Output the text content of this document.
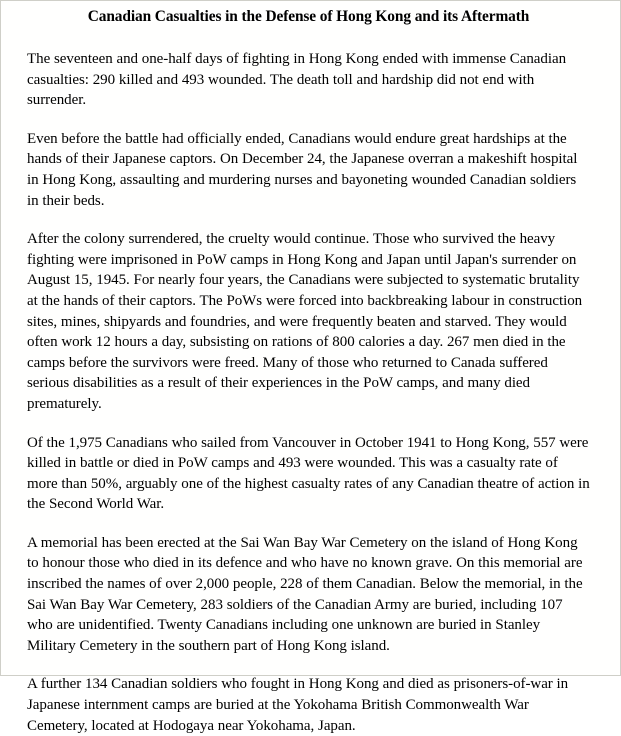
Canadian Casualties in the Defense of Hong Kong and its Aftermath

The seventeen and one-half days of fighting in Hong Kong ended with immense Canadian casualties: 290 killed and 493 wounded. The death toll and hardship did not end with surrender.

Even before the battle had officially ended, Canadians would endure great hardships at the hands of their Japanese captors. On December 24, the Japanese overran a makeshift hospital in Hong Kong, assaulting and murdering nurses and bayoneting wounded Canadian soldiers in their beds.

After the colony surrendered, the cruelty would continue. Those who survived the heavy fighting were imprisoned in PoW camps in Hong Kong and Japan until Japan's surrender on August 15, 1945. For nearly four years, the Canadians were subjected to systematic brutality at the hands of their captors. The PoWs were forced into backbreaking labour in construction sites, mines, shipyards and foundries, and were frequently beaten and starved. They would often work 12 hours a day, subsisting on rations of 800 calories a day. 267 men died in the camps before the survivors were freed. Many of those who returned to Canada suffered serious disabilities as a result of their experiences in the PoW camps, and many died prematurely.

Of the 1,975 Canadians who sailed from Vancouver in October 1941 to Hong Kong, 557 were killed in battle or died in PoW camps and 493 were wounded. This was a casualty rate of more than 50%, arguably one of the highest casualty rates of any Canadian theatre of action in the Second World War.

A memorial has been erected at the Sai Wan Bay War Cemetery on the island of Hong Kong to honour those who died in its defence and who have no known grave. On this memorial are inscribed the names of over 2,000 people, 228 of them Canadian. Below the memorial, in the Sai Wan Bay War Cemetery, 283 soldiers of the Canadian Army are buried, including 107 who are unidentified. Twenty Canadians including one unknown are buried in Stanley Military Cemetery in the southern part of Hong Kong island.

A further 134 Canadian soldiers who fought in Hong Kong and died as prisoners-of-war in Japanese internment camps are buried at the Yokohama British Commonwealth War Cemetery, located at Hodogaya near Yokohama, Japan.
